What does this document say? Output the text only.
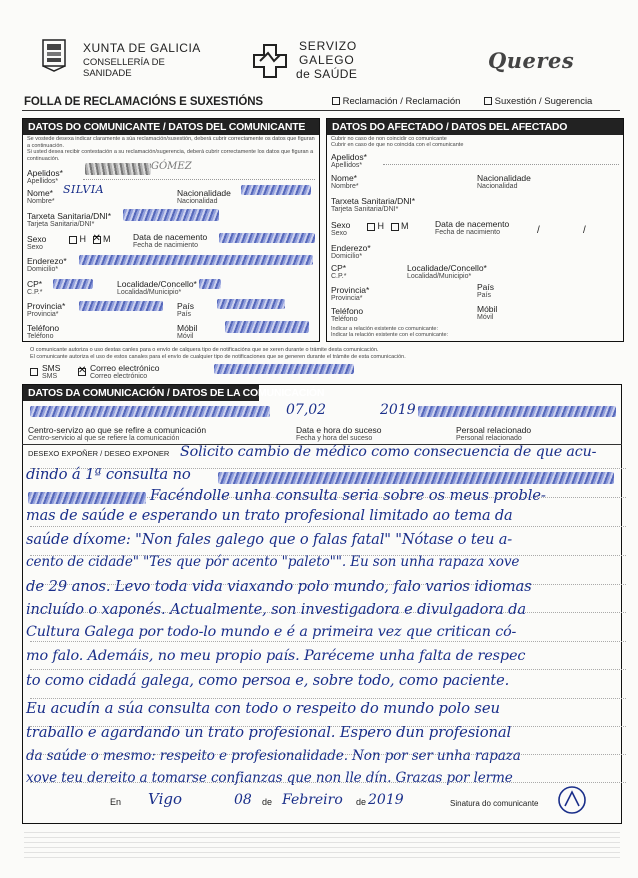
XUNTA DE GALICIA
CONSELLERÍA DE SANIDADE
SERVIZO
GALEGO
de SAÚDE
Queres
FOLLA DE RECLAMACIÓNS E SUXESTIÓNS	Reclamación / Reclamación	Suxestión / Sugerencia
DATOS DO COMUNICANTE / DATOS DEL COMUNICANTE
Se vostede desexa indicar claramente a súa reclamación/suxestión, deberá cubrir correctamente os datos que figuran a continuación.
Si usted desea recibir contestación a su reclamación/sugerencia, deberá cubrir correctamente los datos que figuran a continuación.
Apelidos*
Apellidos*
GÓMEZ
Nome*
Nombre*
SILVIA	Nacionalidade
Nacionalidad
Tarxeta Sanitaria/DNI*
Tarjeta Sanitaria/DNI*
Sexo
Sexo
H ✕ M	Data de nacemento
Fecha de nacimiento
Enderezo*
Domicilio*
CP*
C.P.*
Localidade/Concello*
Localidad/Municipio*
Provincia*
Provincia*
País
País
Teléfono
Teléfono
Móbil
Móvil
DATOS DO AFECTADO / DATOS DEL AFECTADO
Cubrir no caso de non coincidir co comunicante
Cubrir en caso de que no coincida con el comunicante
Apelidos*
Apellidos*
Nome*
Nombre*
Nacionalidade
Nacionalidad
Tarxeta Sanitaria/DNI*
Tarjeta Sanitaria/DNI*
Sexo
Sexo
H M	Data de nacemento
Fecha de nacimiento	/	/
Enderezo*
Domicilio*
CP*
C.P.*
Localidade/Concello*
Localidad/Municipio*
Provincia*
Provincia*
País
País
Teléfono
Teléfono
Móbil
Móvil
Indicar a relación existente co comunicante:
Indicar la relación existente con el comunicante:
O comunicante autoriza o uso destas canles para o envío de calquera tipo de notificacións que se xeren durante o trámite desta comunicación.
El comunicante autoriza el uso de estos canales para el envío de cualquier tipo de notificaciones que se generen durante el trámite de esta comunicación.
SMS
SMS
✕
Correo electrónico
Correo electrónico
DATOS DA COMUNICACIÓN / DATOS DE LA COMUNICACIÓN
07,02	2019
Centro-servizo ao que se refire a comunicación
Centro-servicio al que se refiere la comunicación
Data e hora do suceso
Fecha y hora del suceso
Persoal relacionado
Personal relacionado
DESEXO EXPOÑER / DESEO EXPONER Solicito cambio de médico como consecuencia de que acu-
dindo á 1ª consulta no
Facéndolle unha consulta seria sobre os meus proble-
mas de saúde e esperando un trato profesional limitado ao tema da
saúde díxome: "Non fales galego que o falas fatal" "Nótase o teu a-
cento de cidade" "Tes que pór acento "paleto"". Eu son unha rapaza xove
de 29 anos. Levo toda vida viaxando polo mundo, falo varios idiomas
incluído o xaponés. Actualmente, son investigadora e divulgadora da
Cultura Galega por todo-lo mundo e é a primeira vez que critican có-
mo falo. Ademáis, no meu propio país. Paréceme unha falta de respec
to como cidadá galega, como persoa e, sobre todo, como paciente.
Eu acudín a súa consulta con todo o respeito do mundo polo seu
traballo e agardando un trato profesional. Espero dun profesional
da saúde o mesmo: respeito e profesionalidade. Non por ser unha rapaza
xove teu dereito a tomarse confianzas que non lle dín. Grazas por lerme
En Vigo	08 de Febreiro de 2019	Sinatura do comunicante
